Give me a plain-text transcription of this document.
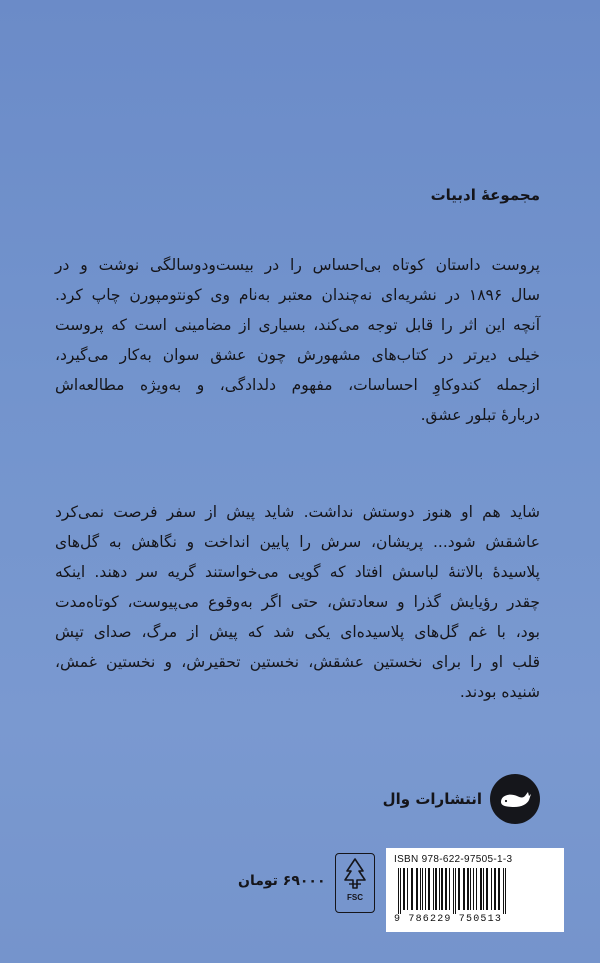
مجموعهٔ ادبیات
پروست داستان کوتاه بی‌احساس را در بیست‌ودوسالگی نوشت و در
سال ۱۸۹۶ در نشریه‌ای نه‌چندان معتبر به‌نام وی کونتومپورن چاپ کرد.
آنچه این اثر را قابل توجه می‌کند، بسیاری از مضامینی است که پروست
خیلی دیرتر در کتاب‌های مشهورش چون عشق سوان به‌کار می‌گیرد،
ازجمله کندوکاوِ احساسات، مفهوم دلدادگی، و به‌ویژه مطالعه‌اش
دربارهٔ تبلور عشق.
شاید هم او هنوز دوستش نداشت. شاید پیش از سفر فرصت نمی‌کرد
عاشقش شود... پریشان، سرش را پایین انداخت و نگاهش به گل‌های
پلاسیدهٔ بالاتنهٔ لباسش افتاد که گویی می‌خواستند گریه سر دهند. اینکه
چقدر رؤیایش گذرا و سعادتش، حتی اگر به‌وقوع می‌پیوست، کوتاه‌مدت
بود، با غم گل‌های پلاسیده‌ای یکی شد که پیش از مرگ، صدای تپش
قلب او را برای نخستین عشقش، نخستین تحقیرش، و نخستین غمش،
شنیده بودند.
انتشارات وال
FSC
۶۹۰۰۰ تومان
ISBN 978-622-97505-1-3
9 786229 750513
